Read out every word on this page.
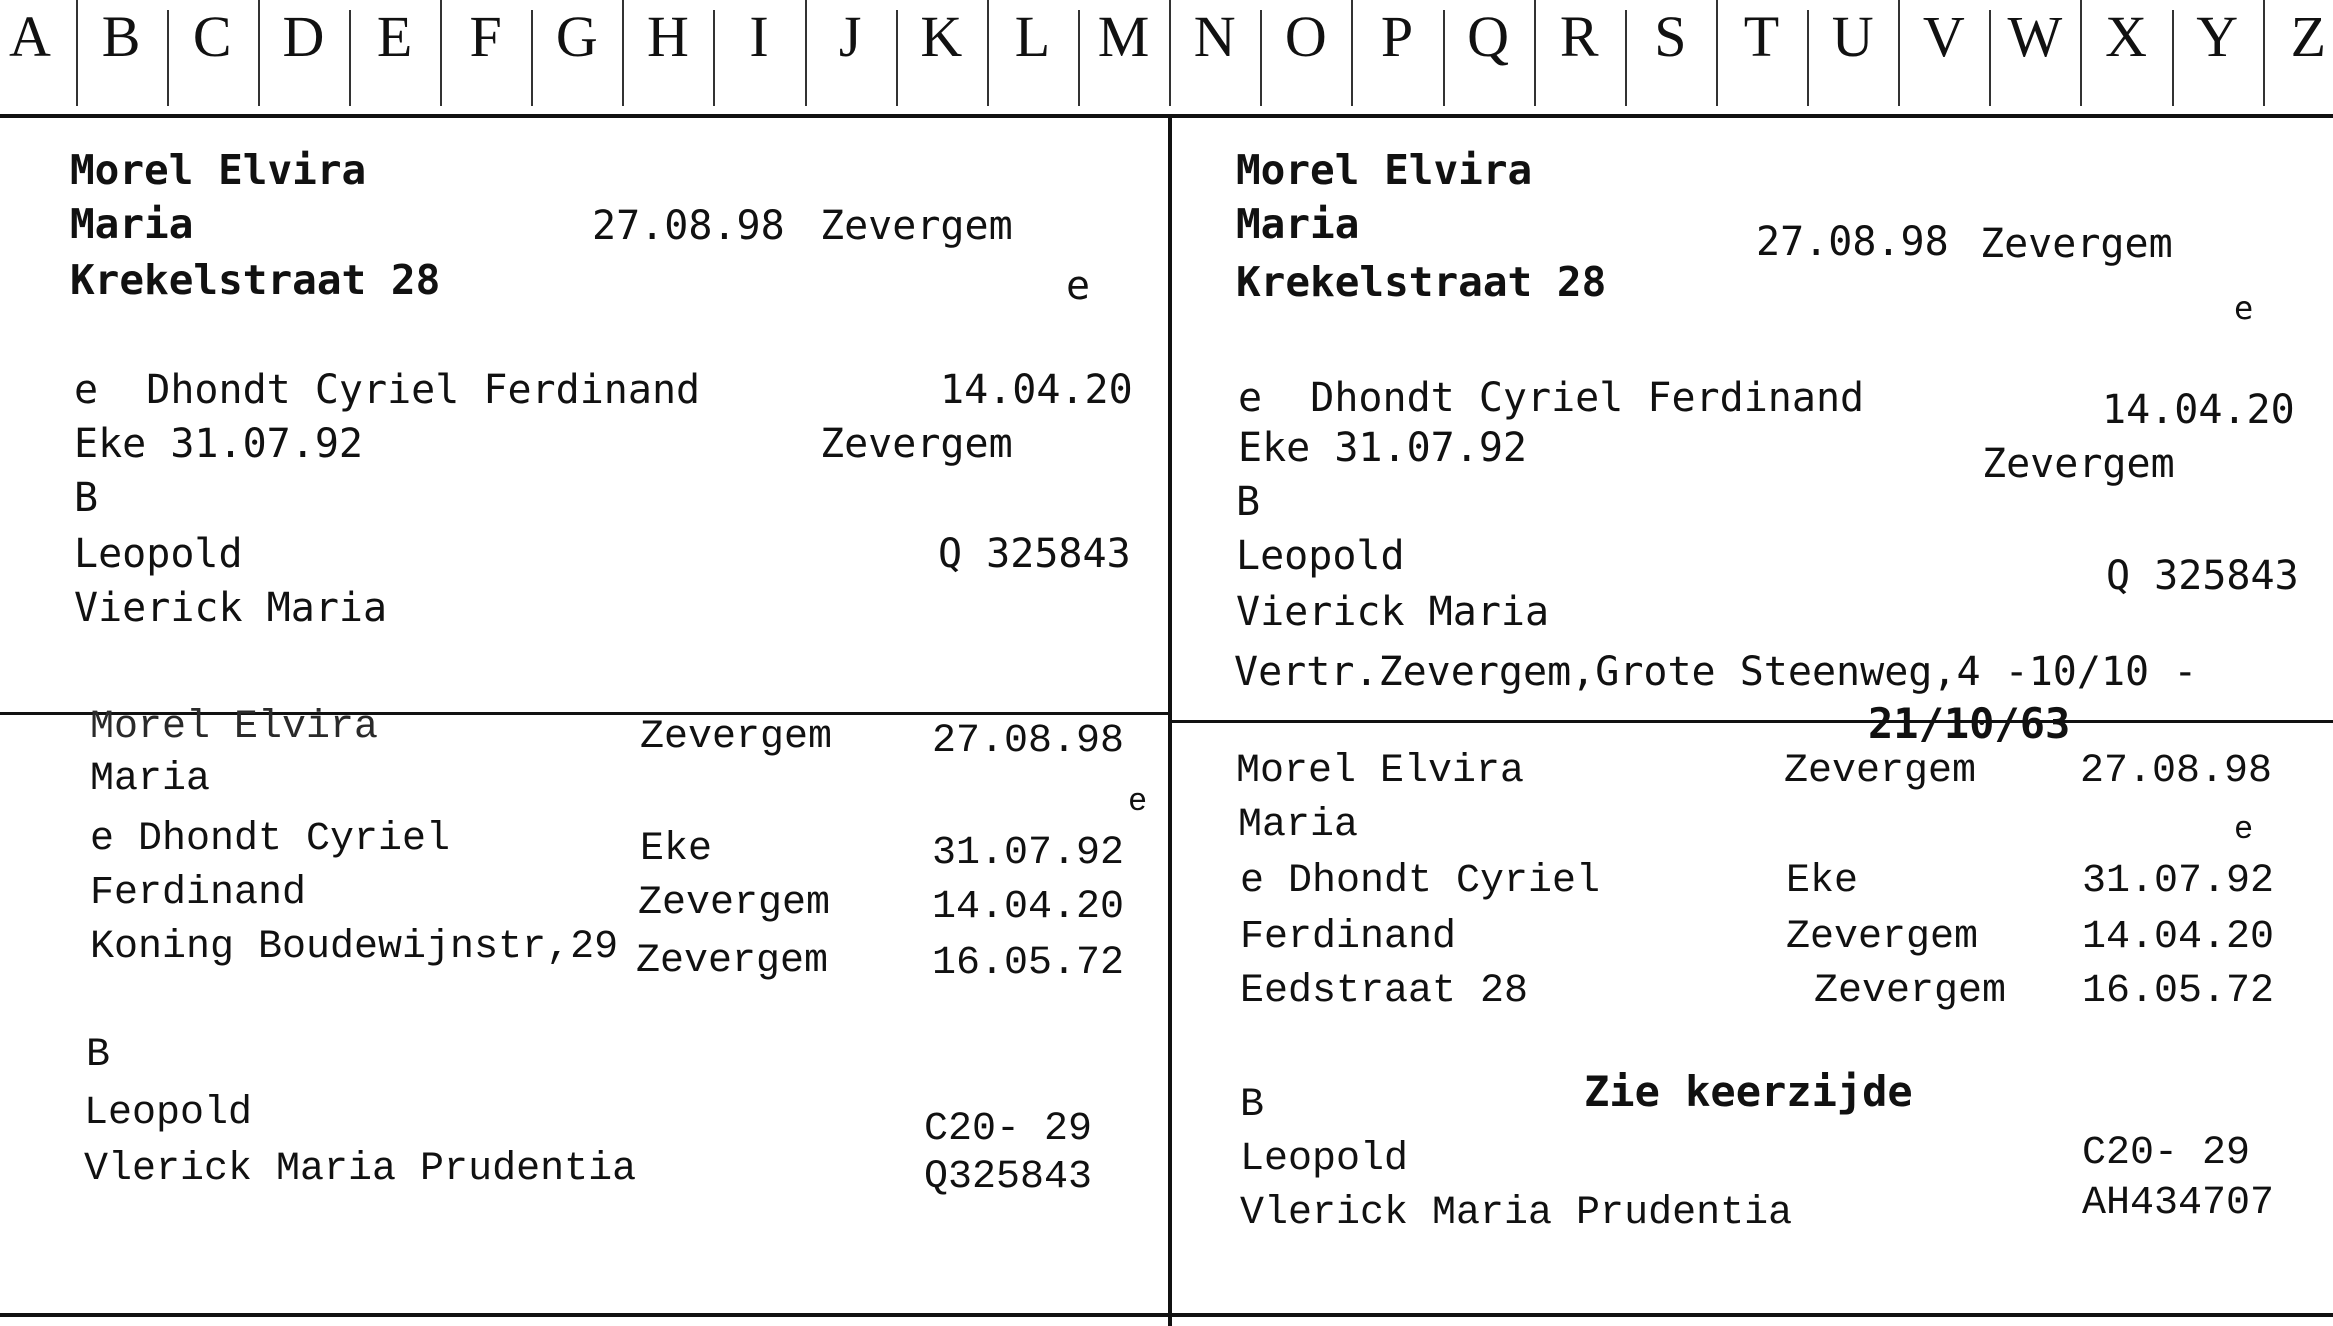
A B C D E F G H	I	J	K L M N O P Q R S T U V W X Y Z
Morel Elvira
Maria	27.08.98 Zevergem
Krekelstraat 28	e
e  Dhondt Cyriel Ferdinand	14.04.20
Eke 31.07.92	Zevergem
B
Leopold	Q 325843
Vierick Maria
Morel Elvira
Maria	27.08.98 Zevergem
Krekelstraat 28
e
e  Dhondt Cyriel Ferdinand	14.04.20
Eke 31.07.92	Zevergem
B
Leopold	Q 325843
Vierick Maria
Vertr.Zevergem,Grote Steenweg,4 -10/10 -
21/10/63
Morel Elvira	Zevergem 27.08.98
Maria	e
e Dhondt Cyriel	Eke	31.07.92
Ferdinand	Zevergem	14.04.20
Koning Boudewijnstr,29 Zevergem	16.05.72
B
Leopold	C20- 29
Vlerick Maria Prudentia	Q325843
Morel Elvira	Zevergem	27.08.98
Maria	e
e Dhondt Cyriel	Eke	31.07.92
Ferdinand	Zevergem	14.04.20
Eedstraat 28	Zevergem 16.05.72
B	Zie keerzijde
Leopold	C20- 29
Vlerick Maria Prudentia	AH434707
